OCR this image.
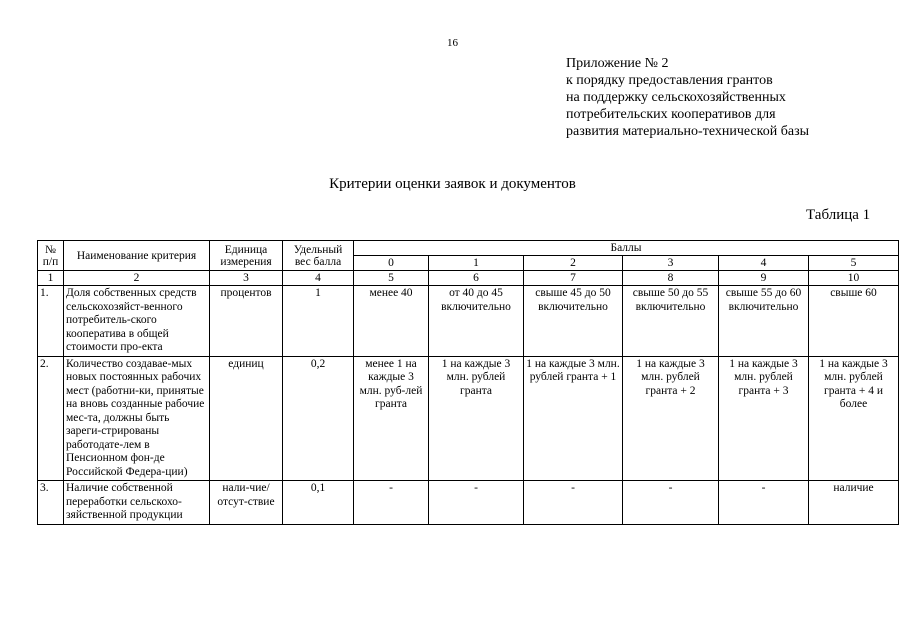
16
Приложение № 2
к порядку предоставления грантов
на поддержку сельскохозяйственных
потребительских кооперативов для
развития материально-технической базы
Критерии оценки заявок и документов
Таблица 1
№ п/п	Наименование критерия	Единица измерения	Удельный вес балла	Баллы					
				0	1	2	3	4	5
1	2	3	4	5	6	7	8	9	10
1.	Доля собственных средств сельскохозяйст-венного потребитель-ского кооператива в общей стоимости про-екта	процентов	1	менее 40	от 40 до 45 включительно	свыше 45 до 50 включительно	свыше 50 до 55 включительно	свыше 55 до 60 включительно	свыше 60
2.	Количество создавае-мых новых постоянных рабочих мест (работни-ки, принятые на вновь созданные рабочие мес-та, должны быть зареги-стрированы работодате-лем в Пенсионном фон-де Российской Федера-ции)	единиц	0,2	менее 1 на каждые 3 млн. руб-лей гранта	1 на каждые 3 млн. рублей гранта	1 на каждые 3 млн. рублей гранта + 1	1 на каждые 3 млн. рублей гранта + 2	1 на каждые 3 млн. рублей гранта + 3	1 на каждые 3 млн. рублей гранта + 4 и более
3.	Наличие собственной переработки сельскохо-зяйственной продукции	нали-чие/отсут-ствие	0,1	-	-	-	-	-	наличие
